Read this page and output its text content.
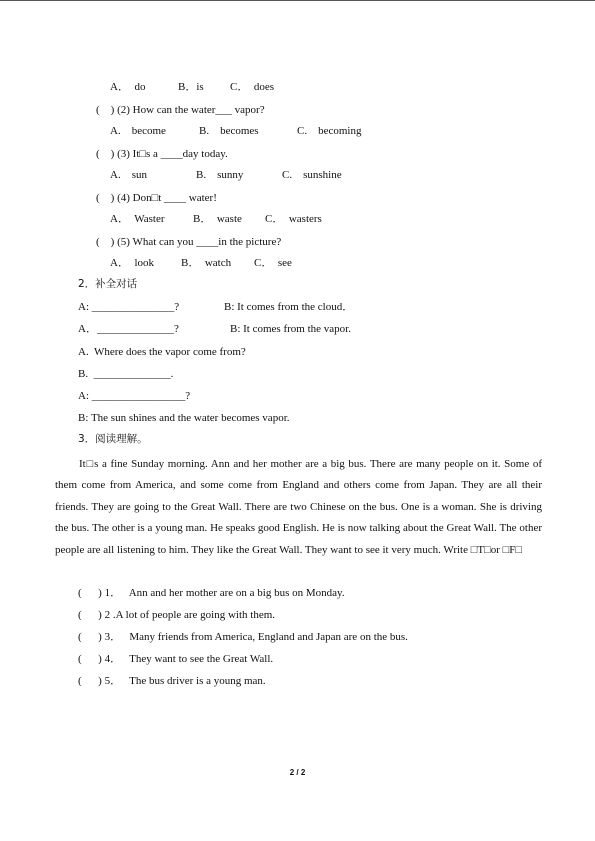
A．  do	B．is C．  does
(    ) (2) How can the water___ vapor?
A.    become	B.    becomes	C.    becoming
(    ) (3) It□s a ____day today.
A.    sun	B.    sunny	C.    sunshine
(    ) (4) Don□t ____ water!
A．  Waster	B．  waste C．  wasters
(    ) (5) What can you ____in the picture?
A．  look B．  watch C．  see
2．补全对话
A: _______________?	B: It comes from the cloud．
A．______________?	B: It comes from the vapor.
A.  Where does the vapor come from?
B.  ______________.
A: _________________?
B: The sun shines and the water becomes vapor.
3．阅读理解。
It□s a fine Sunday morning. Ann and her mother are a big bus. There are many people on it. Some of them come from America, and some come from England and others come from Japan. They are all their friends. They are going to the Great Wall. There are two Chinese on the bus. One is a woman. She is driving the bus. The other is a young man. He speaks good English. He is now talking about the Great Wall. The other people are all listening to him. They like the Great Wall. They want to see it very much. Write □T□or □F□
(      ) 1．   Ann and her mother are on a big bus on Monday.
(      ) 2 .A lot of people are going with them.
(      ) 3．   Many friends from America, England and Japan are on the bus.
(      ) 4．   They want to see the Great Wall.
(      ) 5．   The bus driver is a young man.
2 / 2
